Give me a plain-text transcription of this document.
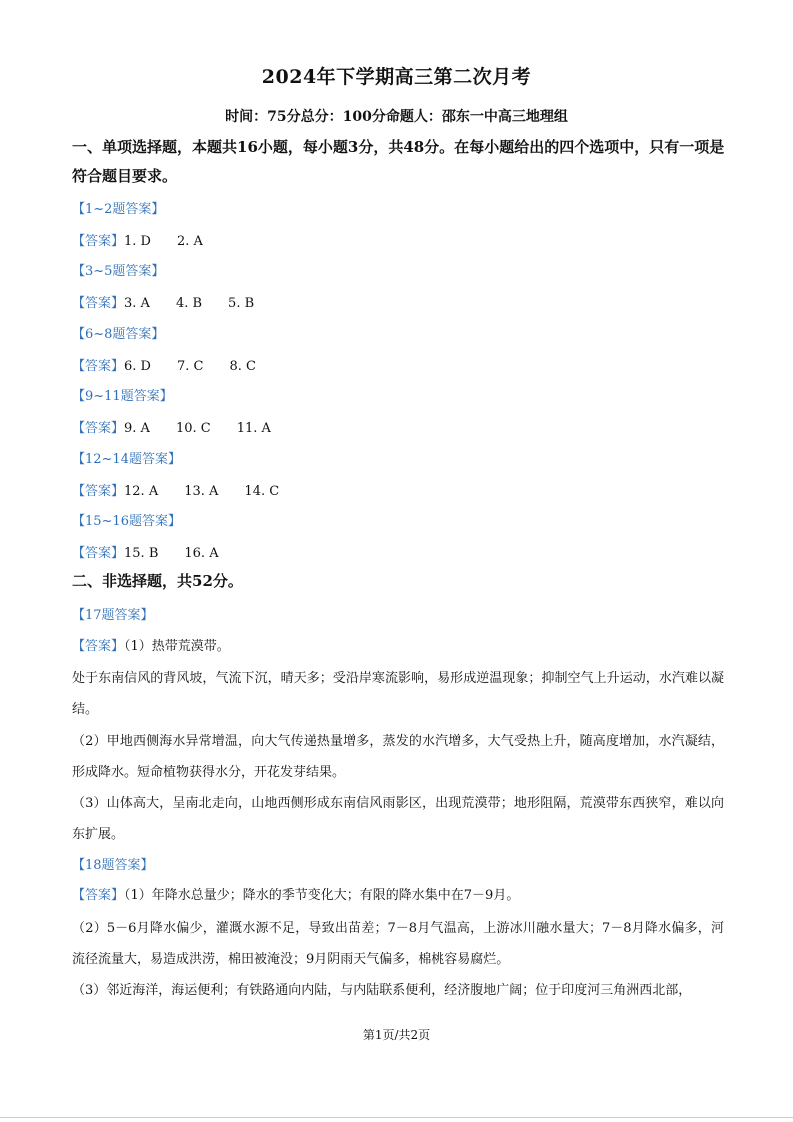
2024年下学期高三第二次月考
时间：75分总分：100分命题人：邵东一中高三地理组
一、单项选择题，本题共16小题，每小题3分，共48分。在每小题给出的四个选项中，只有一项是符合题目要求。
【1~2题答案】
【答案】1. D 2. A
【3~5题答案】
【答案】3. A 4. B 5. B
【6~8题答案】
【答案】6. D 7. C 8. C
【9~11题答案】
【答案】9. A 10. C 11. A
【12~14题答案】
【答案】12. A 13. A 14. C
【15~16题答案】
【答案】15. B 16. A
二、非选择题，共52分。
【17题答案】
【答案】（1）热带荒漠带。
处于东南信风的背风坡，气流下沉，晴天多；受沿岸寒流影响，易形成逆温现象；抑制空气上升运动，水汽难以凝结。
（2）甲地西侧海水异常增温，向大气传递热量增多，蒸发的水汽增多，大气受热上升，随高度增加，水汽凝结，形成降水。短命植物获得水分，开花发芽结果。
（3）山体高大，呈南北走向，山地西侧形成东南信风雨影区，出现荒漠带；地形阻隔，荒漠带东西狭窄，难以向东扩展。
【18题答案】
【答案】（1）年降水总量少；降水的季节变化大；有限的降水集中在7－9月。
（2）5－6月降水偏少，灌溉水源不足，导致出苗差；7－8月气温高，上游冰川融水量大；7－8月降水偏多，河流径流量大，易造成洪涝，棉田被淹没；9月阴雨天气偏多，棉桃容易腐烂。
（3）邻近海洋，海运便利；有铁路通向内陆，与内陆联系便利，经济腹地广阔；位于印度河三角洲西北部，
第1页/共2页
